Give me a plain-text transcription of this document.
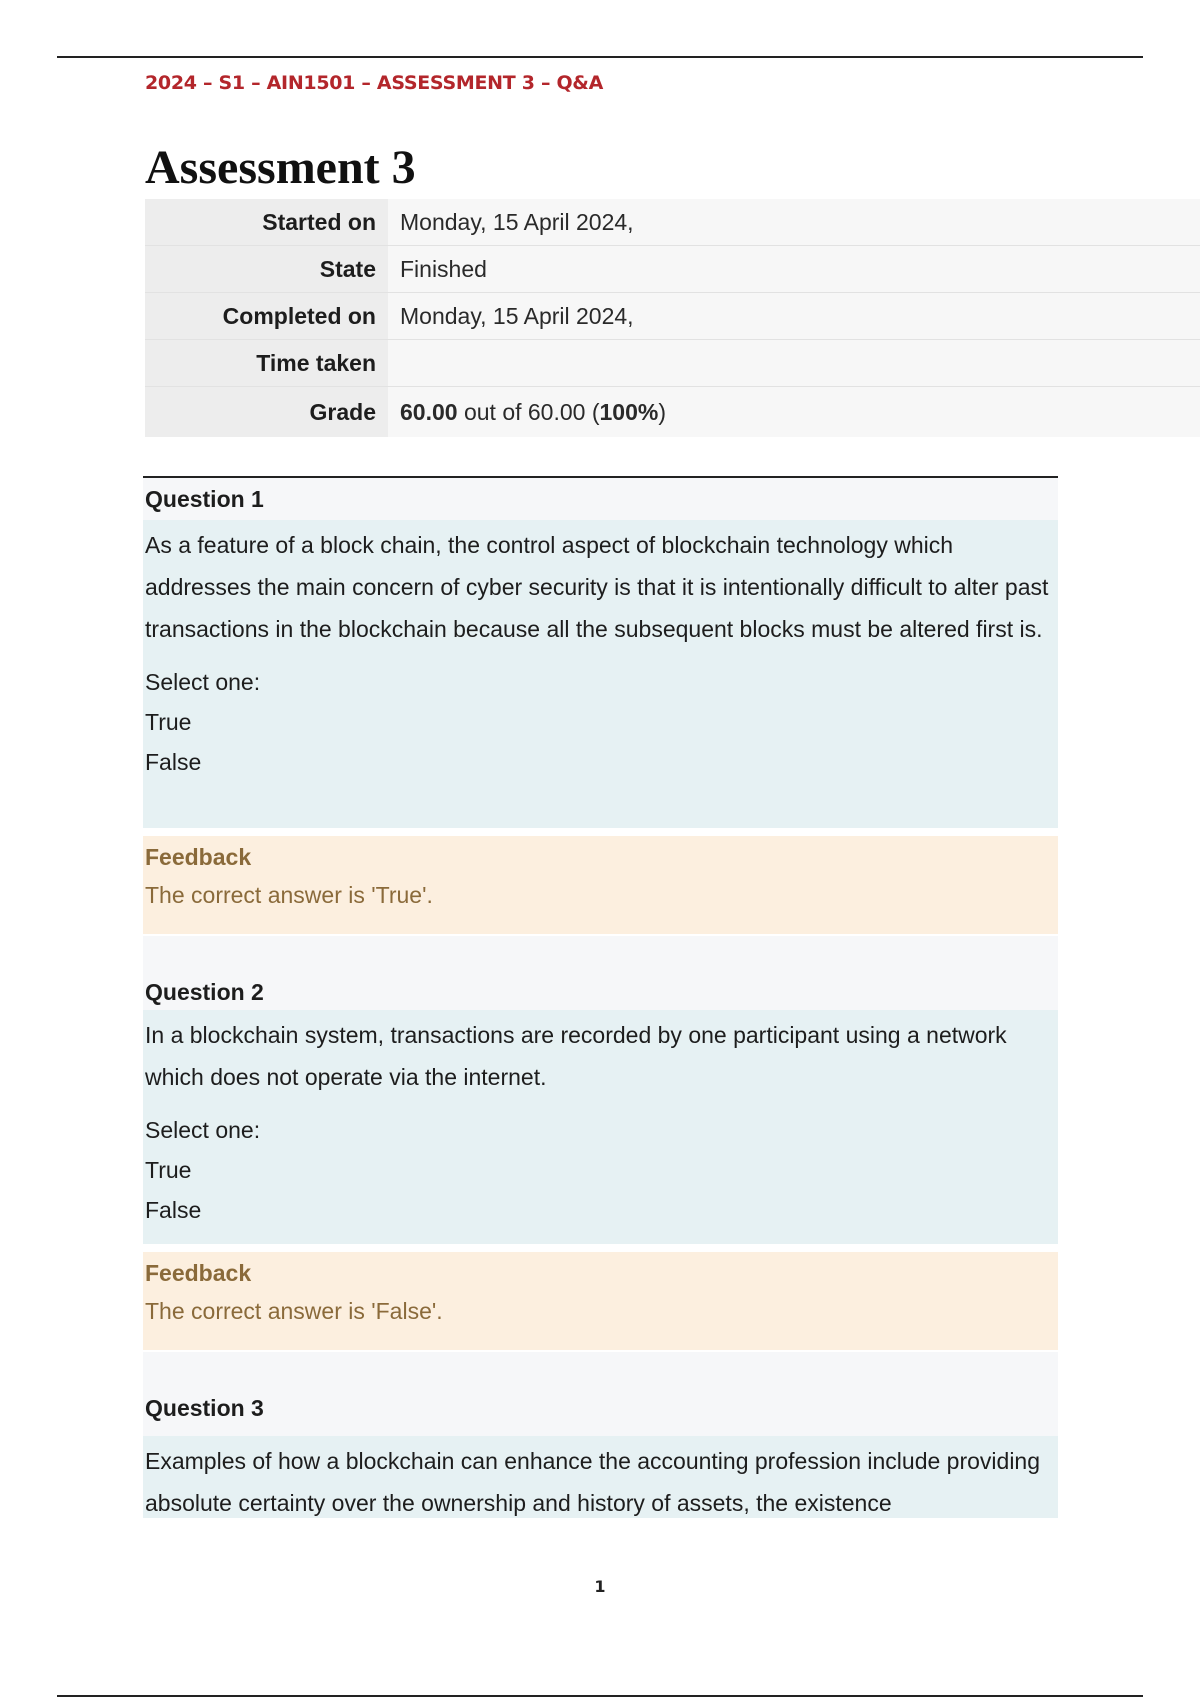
2024 – S1 – AIN1501 – ASSESSMENT 3 – Q&A
Assessment 3
Started on	Monday, 15 April 2024,
State	Finished
Completed on	Monday, 15 April 2024,
Time taken	
Grade	60.00 out of 60.00 (100%)
Question 1

As a feature of a block chain, the control aspect of blockchain technology which addresses the main concern of cyber security is that it is intentionally difficult to alter past transactions in the blockchain because all the subsequent blocks must be altered first is.

Select one:
True
False
Feedback
The correct answer is 'True'.
Question 2

In a blockchain system, transactions are recorded by one participant using a network which does not operate via the internet.

Select one:
True
False
Feedback
The correct answer is 'False'.
Question 3

Examples of how a blockchain can enhance the accounting profession include providing absolute certainty over the ownership and history of assets, the existence

1
